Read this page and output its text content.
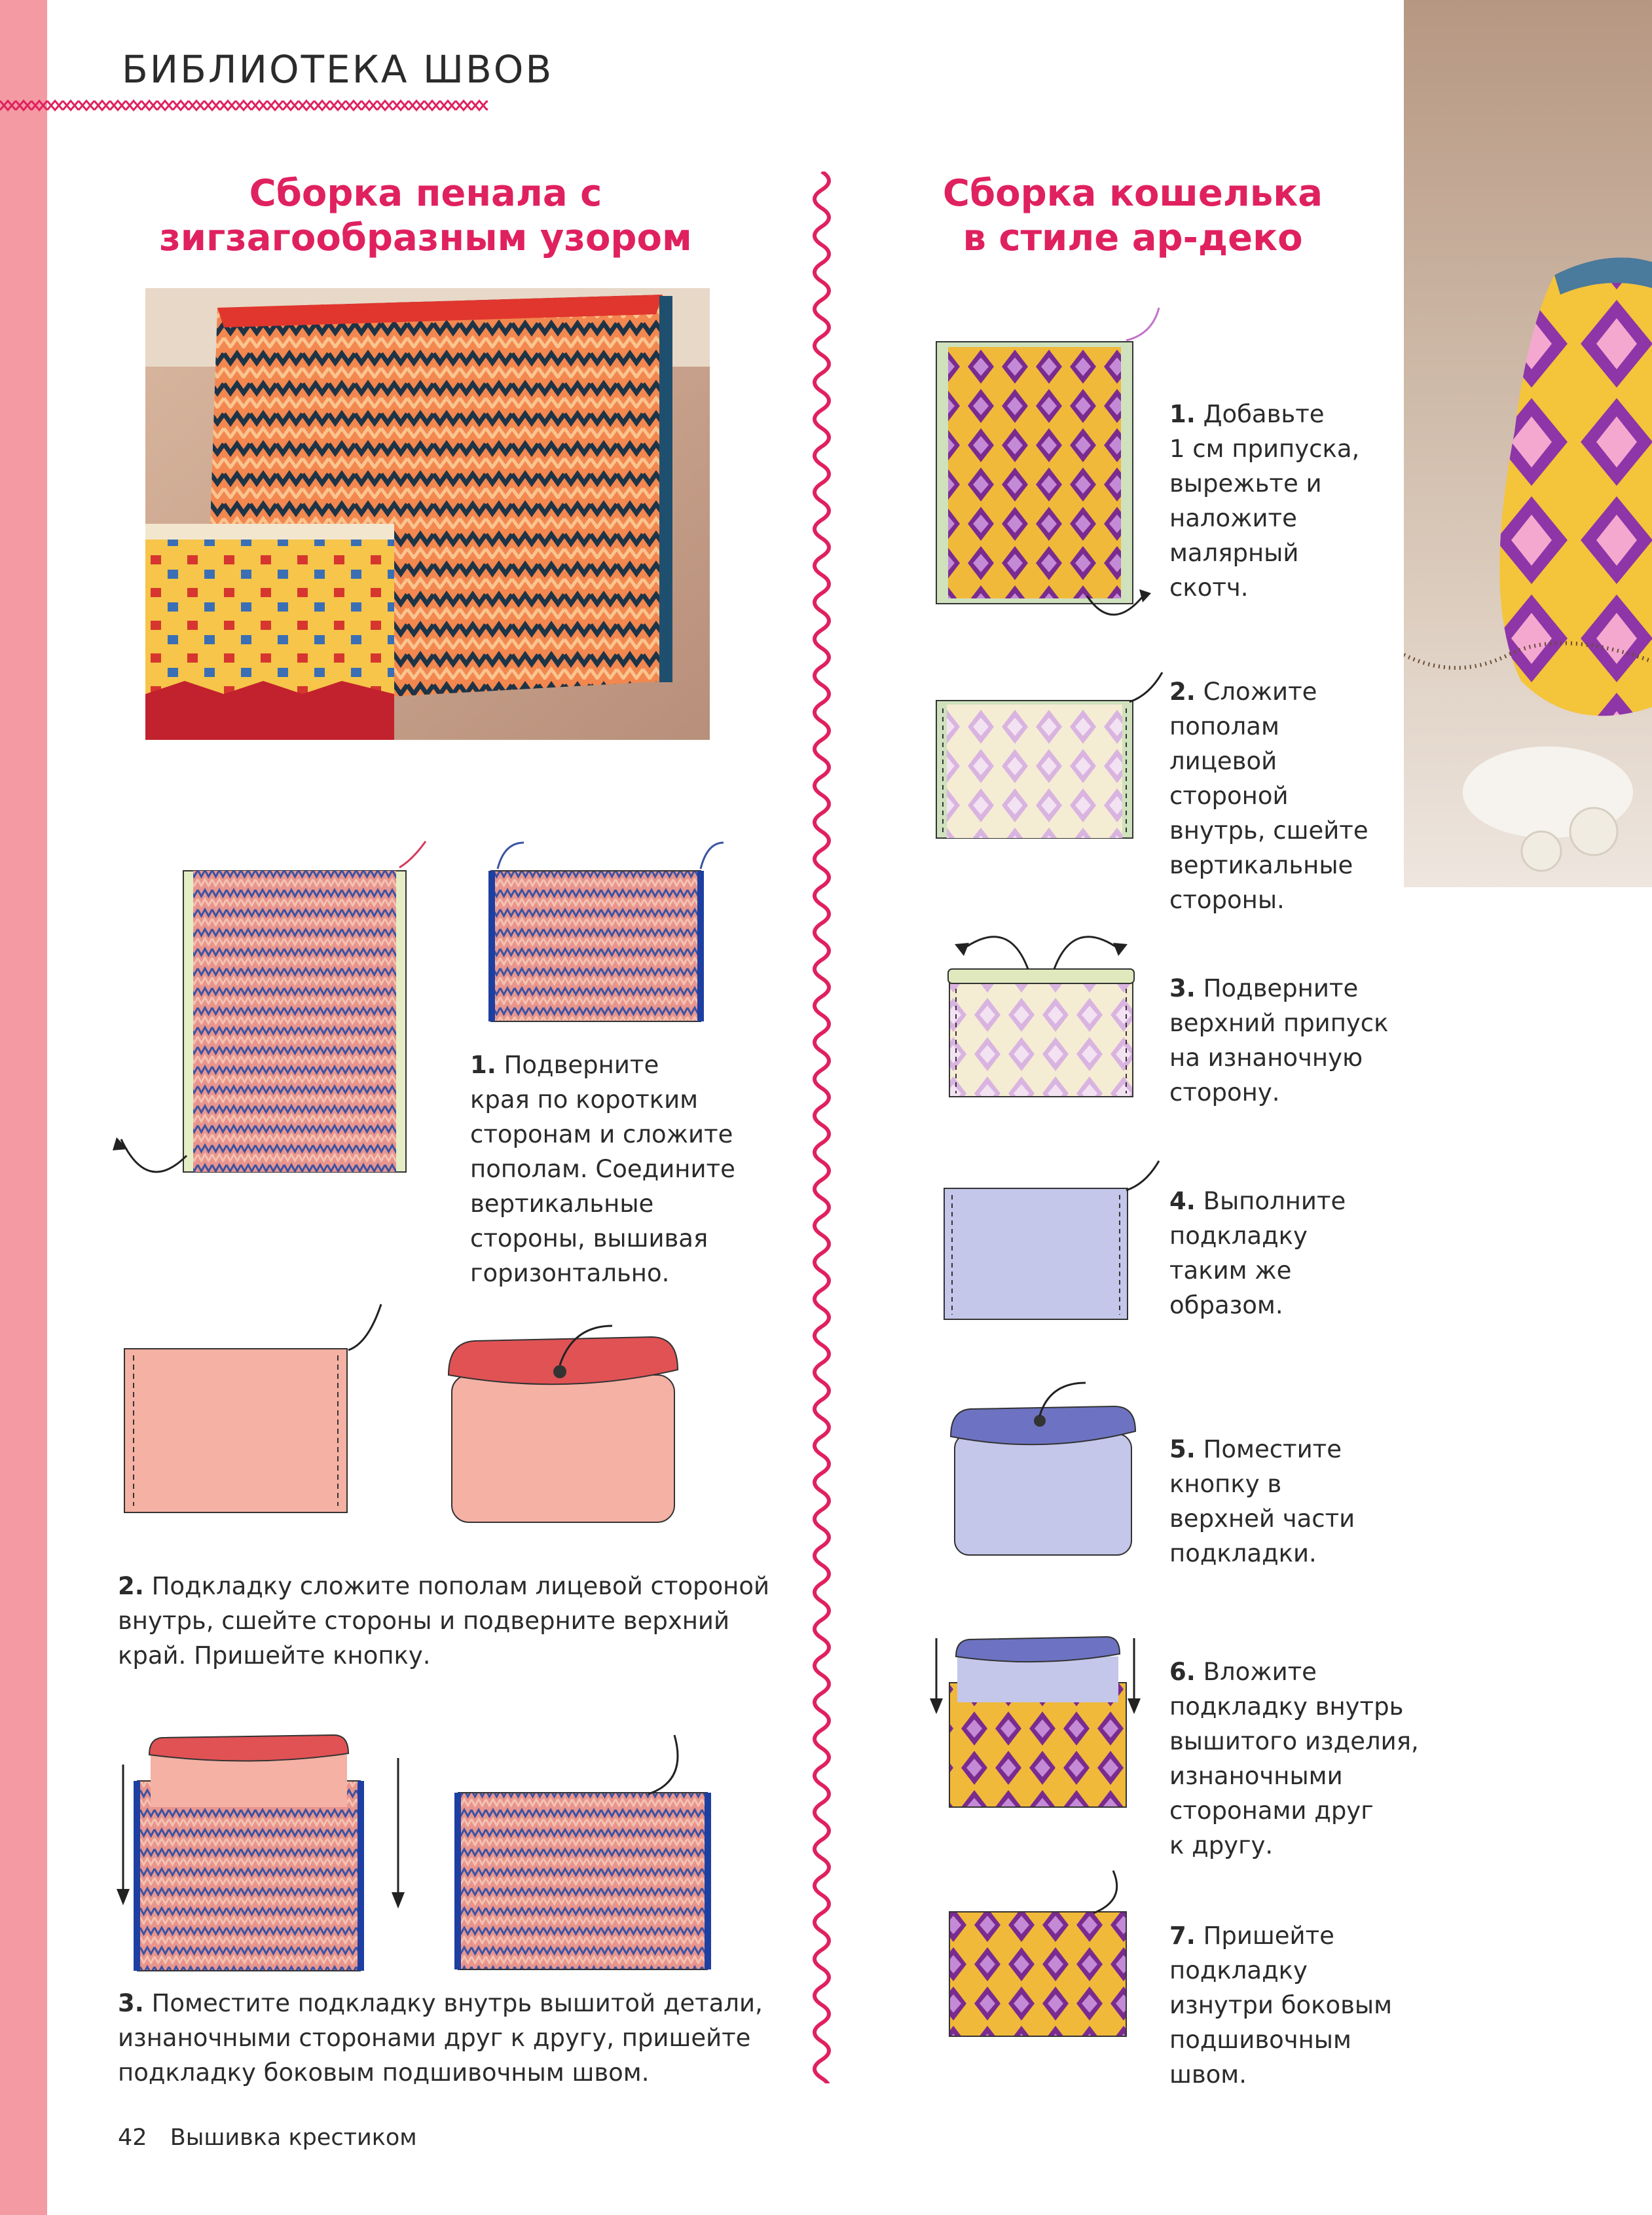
БИБЛИОТЕКА ШВОВ
Сборка пенала с
зигзагообразным узором
Сборка кошелька
в стиле ар-деко
1. Подверните
края по коротким
сторонам и сложите
пополам. Соедините
вертикальные
стороны, вышивая
горизонтально.
2. Подкладку сложите пополам лицевой стороной
внутрь, сшейте стороны и подверните верхний
край. Пришейте кнопку.
3. Поместите подкладку внутрь вышитой детали,
изнаночными сторонами друг к другу, пришейте
подкладку боковым подшивочным швом.
1. Добавьте
1 см припуска,
вырежьте и
наложите
малярный
скотч.
2. Сложите
пополам
лицевой
стороной
внутрь, сшейте
вертикальные
стороны.
3. Подверните
верхний припуск
на изнаночную
сторону.
4. Выполните
подкладку
таким же
образом.
5. Поместите
кнопку в
верхней части
подкладки.
6. Вложите
подкладку внутрь
вышитого изделия,
изнаночными
сторонами друг
к другу.
7. Пришейте
подкладку
изнутри боковым
подшивочным
швом.
42 Вышивка крестиком
